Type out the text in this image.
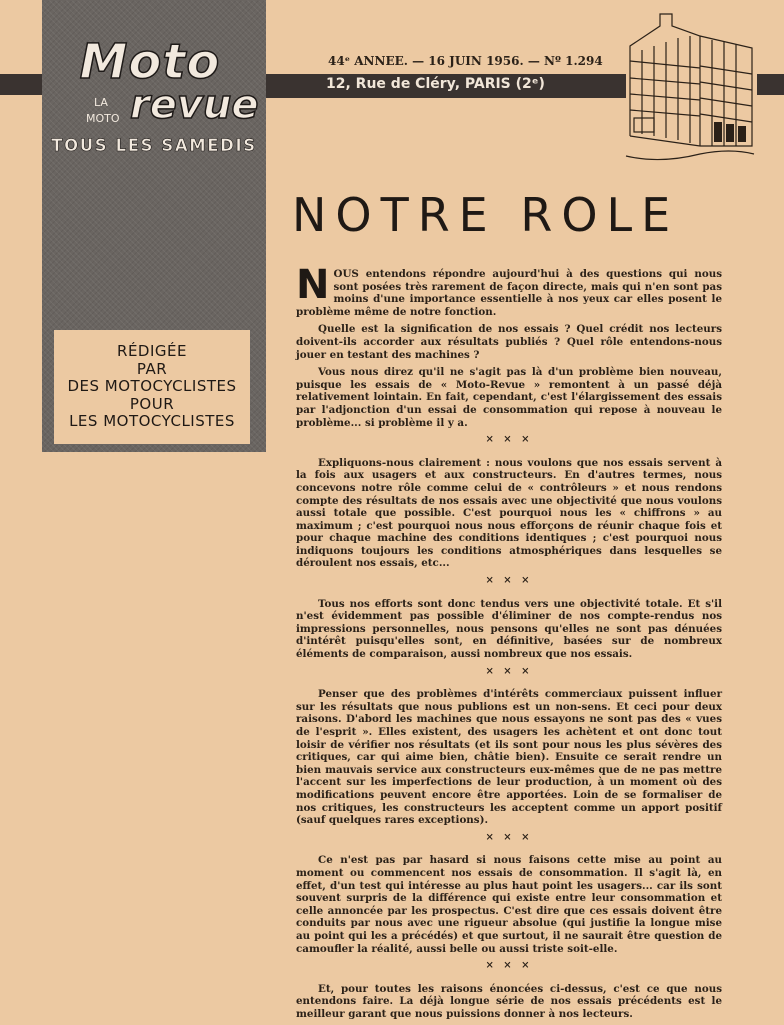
Moto
LA
MOTO revue
TOUS LES SAMEDIS
RÉDIGÉE
PAR
DES MOTOCYCLISTES
POUR
LES MOTOCYCLISTES
44ᵉ ANNEE. — 16 JUIN 1956. — Nº 1.294
12, Rue de Cléry, PARIS (2ᵉ)
NOTRE ROLE

NOUS entendons répondre aujourd'hui à des questions qui nous sont posées très rarement de façon directe, mais qui n'en sont pas moins d'une importance essentielle à nos yeux car elles posent le problème même de notre fonction.

Quelle est la signification de nos essais ? Quel crédit nos lecteurs doivent-ils accorder aux résultats publiés ? Quel rôle entendons-nous jouer en testant des machines ?

Vous nous direz qu'il ne s'agit pas là d'un problème bien nouveau, puisque les essais de « Moto-Revue » remontent à un passé déjà relativement lointain. En fait, cependant, c'est l'élargissement des essais par l'adjonction d'un essai de consommation qui repose à nouveau le problème... si problème il y a.

× × ×

Expliquons-nous clairement : nous voulons que nos essais servent à la fois aux usagers et aux constructeurs. En d'autres termes, nous concevons notre rôle comme celui de « contrôleurs » et nous rendons compte des résultats de nos essais avec une objectivité que nous voulons aussi totale que possible. C'est pourquoi nous les « chiffrons » au maximum ; c'est pourquoi nous nous efforçons de réunir chaque fois et pour chaque machine des conditions identiques ; c'est pourquoi nous indiquons toujours les conditions atmosphériques dans lesquelles se déroulent nos essais, etc...

× × ×

Tous nos efforts sont donc tendus vers une objectivité totale. Et s'il n'est évidemment pas possible d'éliminer de nos compte-rendus nos impressions personnelles, nous pensons qu'elles ne sont pas dénuées d'intérêt puisqu'elles sont, en définitive, basées sur de nombreux éléments de comparaison, aussi nombreux que nos essais.

× × ×

Penser que des problèmes d'intérêts commerciaux puissent influer sur les résultats que nous publions est un non-sens. Et ceci pour deux raisons. D'abord les machines que nous essayons ne sont pas des « vues de l'esprit ». Elles existent, des usagers les achètent et ont donc tout loisir de vérifier nos résultats (et ils sont pour nous les plus sévères des critiques, car qui aime bien, châtie bien). Ensuite ce serait rendre un bien mauvais service aux constructeurs eux-mêmes que de ne pas mettre l'accent sur les imperfections de leur production, à un moment où des modifications peuvent encore être apportées. Loin de se formaliser de nos critiques, les constructeurs les acceptent comme un apport positif (sauf quelques rares exceptions).

× × ×

Ce n'est pas par hasard si nous faisons cette mise au point au moment ou commencent nos essais de consommation. Il s'agit là, en effet, d'un test qui intéresse au plus haut point les usagers... car ils sont souvent surpris de la différence qui existe entre leur consommation et celle annoncée par les prospectus. C'est dire que ces essais doivent être conduits par nous avec une rigueur absolue (qui justifie la longue mise au point qui les a précédés) et que surtout, il ne saurait être question de camoufler la réalité, aussi belle ou aussi triste soit-elle.

× × ×

Et, pour toutes les raisons énoncées ci-dessus, c'est ce que nous entendons faire. La déjà longue série de nos essais précédents est le meilleur garant que nous puissions donner à nos lecteurs.
